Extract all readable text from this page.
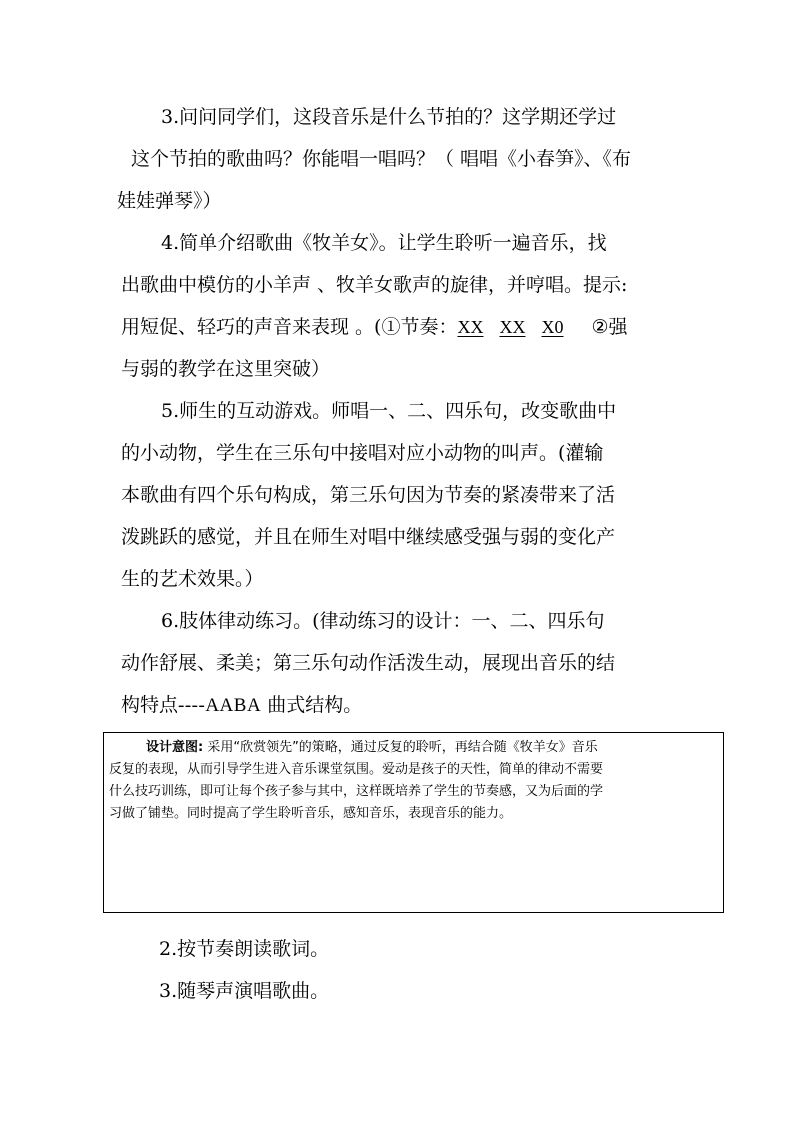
3.问问同学们，这段音乐是什么节拍的？这学期还学过
这个节拍的歌曲吗？你能唱一唱吗？（ 唱唱《小春笋》、《布
娃娃弹琴》）
4.简单介绍歌曲《牧羊女》。让学生聆听一遍音乐，找
出歌曲中模仿的小羊声 、牧羊女歌声的旋律，并哼唱。提示:
用短促、轻巧的声音来表现 。(①节奏：XX XX X0 ②强
与弱的教学在这里突破）
5.师生的互动游戏。师唱一、二、四乐句，改变歌曲中
的小动物，学生在三乐句中接唱对应小动物的叫声。(灌输
本歌曲有四个乐句构成，第三乐句因为节奏的紧凑带来了活
泼跳跃的感觉，并且在师生对唱中继续感受强与弱的变化产
生的艺术效果。）
6.肢体律动练习。(律动练习的设计：一、二、四乐句
动作舒展、柔美；第三乐句动作活泼生动，展现出音乐的结
构特点----AABA 曲式结构。
设计意图: 采用“欣赏领先”的策略，通过反复的聆听，再结合随《牧羊女》音乐
反复的表现，从而引导学生进入音乐课堂氛围。爱动是孩子的天性，简单的律动不需要
什么技巧训练，即可让每个孩子参与其中，这样既培养了学生的节奏感，又为后面的学
习做了铺垫。同时提高了学生聆听音乐，感知音乐，表现音乐的能力。
2.按节奏朗读歌词。
3.随琴声演唱歌曲。
